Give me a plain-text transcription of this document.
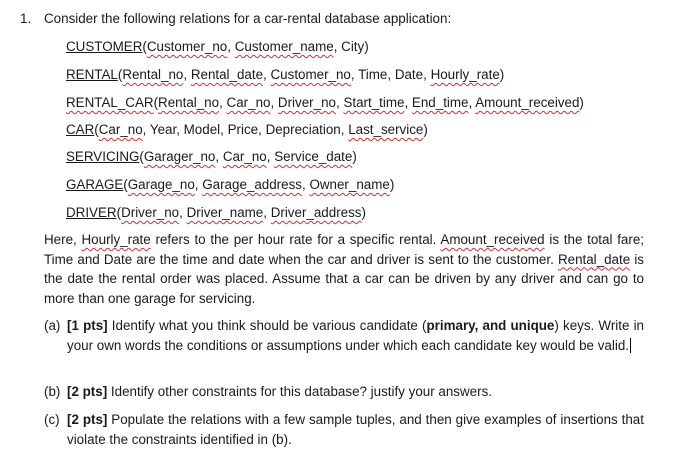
1. Consider the following relations for a car-rental database application:
CUSTOMER(Customer_no, Customer_name, City)
RENTAL(Rental_no, Rental_date, Customer_no, Time, Date, Hourly_rate)
RENTAL_CAR(Rental_no, Car_no, Driver_no, Start_time, End_time, Amount_received)
CAR(Car_no, Year, Model, Price, Depreciation, Last_service)
SERVICING(Garager_no, Car_no, Service_date)
GARAGE(Garage_no, Garage_address, Owner_name)
DRIVER(Driver_no, Driver_name, Driver_address)
Here, Hourly_rate refers to the per hour rate for a specific rental. Amount_received is the total fare; Time and Date are the time and date when the car and driver is sent to the customer. Rental_date is the date the rental order was placed. Assume that a car can be driven by any driver and can go to more than one garage for servicing.
(a) [1 pts] Identify what you think should be various candidate (primary, and unique) keys. Write in your own words the conditions or assumptions under which each candidate key would be valid.
(b) [2 pts] Identify other constraints for this database? justify your answers.
(c) [2 pts] Populate the relations with a few sample tuples, and then give examples of insertions that violate the constraints identified in (b).
